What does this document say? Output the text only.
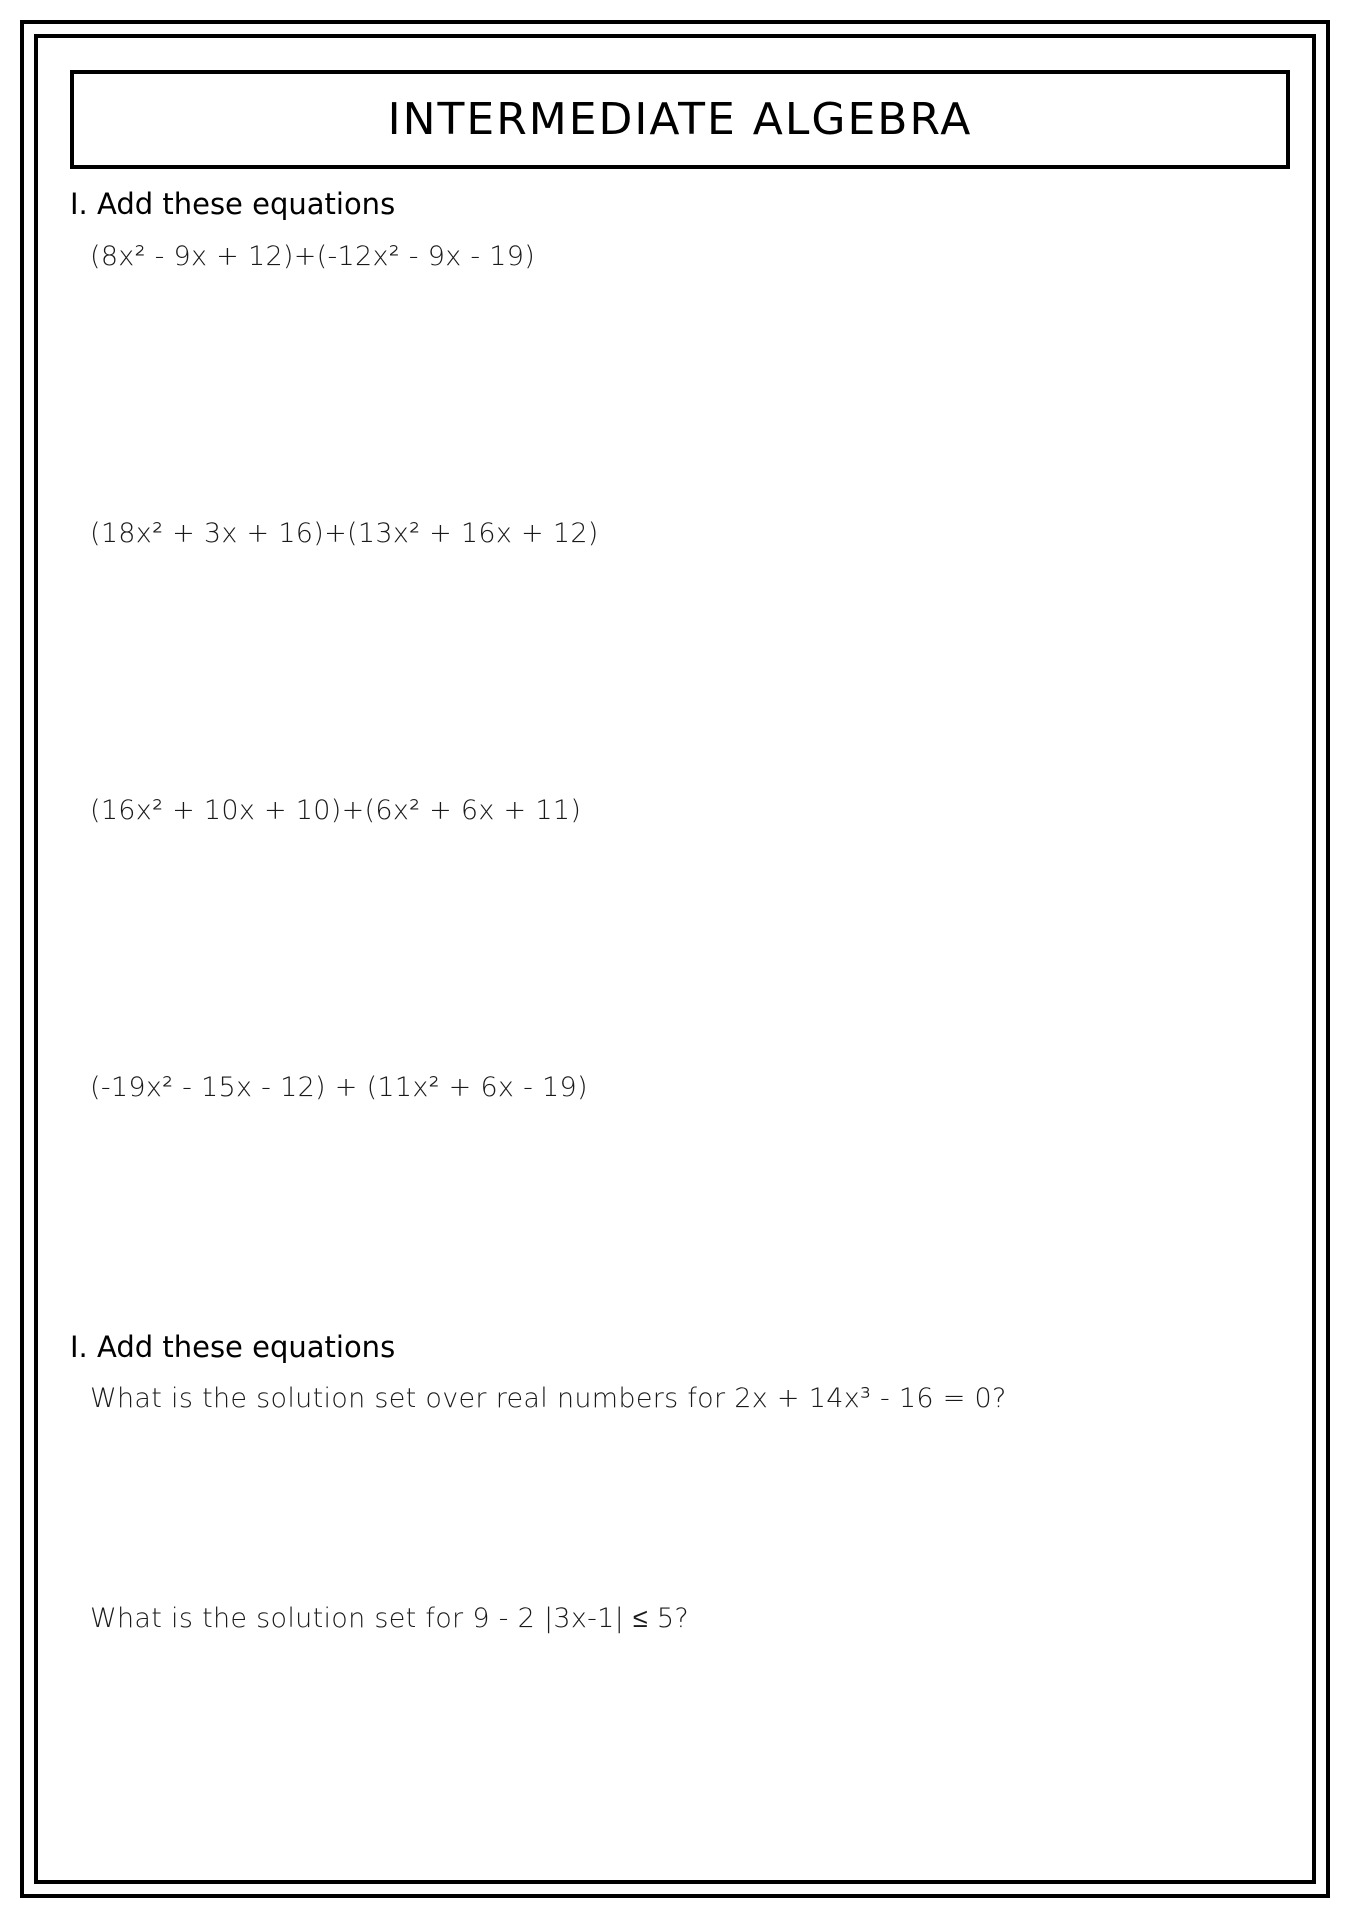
INTERMEDIATE ALGEBRA
I. Add these equations
(8x² - 9x + 12)+(-12x² - 9x - 19)
(18x² + 3x + 16)+(13x² + 16x + 12)
(16x² + 10x + 10)+(6x² + 6x + 11)
(-19x² - 15x - 12) + (11x² + 6x - 19)
I. Add these equations
What is the solution set over real numbers for 2x + 14x³ - 16 = 0?
What is the solution set for 9 - 2 |3x-1| ≤ 5?
